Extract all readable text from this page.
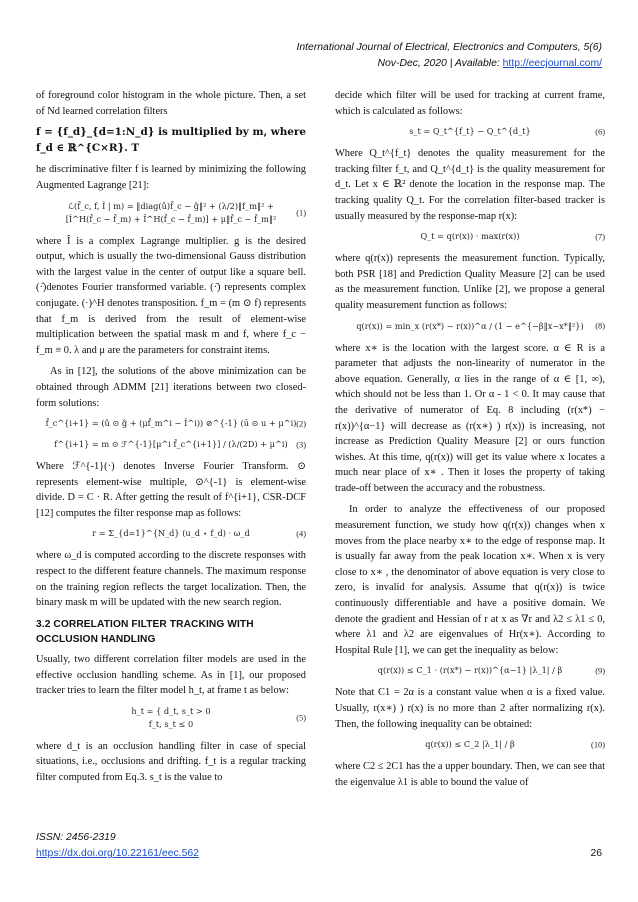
International Journal of Electrical, Electronics and Computers, 5(6)
Nov-Dec, 2020 | Available: http://eecjournal.com/

of foreground color histogram in the whole picture. Then, a set of Nd learned correlation filters

f = {f_d}_{d=1:N_d} is multiplied by m, where f_d ∈ ℝ^{C×R}. T

he discriminative filter f is learned by minimizing the following Augmented Lagrange [21]:

ℒ(f̂_c, f, Î | m) = ‖diag(û)f̂_c − ĝ‖² + (λ/2)‖f_m‖² +
[Î^H(f̂_c − f̂_m) + Ī^H(f̂_c − f̂_m)] + μ‖f̂_c − f̂_m‖²
(1)

where Î is a complex Lagrange multiplier. g is the desired output, which is usually the two-dimensional Gauss distribution with the largest value in the center of output like a square bell. (·̂)denotes Fourier transformed variable. (·̄) represents complex conjugate. (·)^H denotes transposition. f_m = (m ⊙ f) represents that f_m is derived from the result of element-wise multiplication between the spatial mask m and f, where f_c − f_m ≡ 0. λ and μ are the parameters for constraint items.

As in [12], the solutions of the above minimization can be obtained through ADMM [21] iterations between two closed-form solutions:

f̂_c^{i+1} = (û ⊙ ĝ + (μf̂_m^i − Î^i)) ⊘^{-1} (ū ⊙ u + μ^i) (2)
f^{i+1} = m ⊙ ℱ^{-1}[μ^i f̂_c^{i+1}] / (λ/(2D) + μ^i) (3)

Where ℱ^{-1}(·) denotes Inverse Fourier Transform. ⊙ represents element-wise multiple, ⊙^{-1} is element-wise divide. D = C · R. After getting the result of f^{i+1}, CSR-DCF [12] computes the filter response map as follows:

r = Σ_{d=1}^{N_d} (u_d ⋆ f_d) · ω_d	(4)

where ω_d is computed according to the discrete responses with respect to the different feature channels. The maximum response on the training region reflects the target localization. Then, the binary mask m will be updated with the new search region.

3.2 CORRELATION FILTER TRACKING WITH OCCLUSION HANDLING

Usually, two different correlation filter models are used in the effective occlusion handling scheme. As in [1], our proposed tracker tries to learn the filter model h_t, at frame t as below:

h_t = { d_t, s_t > 0
f_t, s_t ≤ 0
(5)

where d_t is an occlusion handling filter in case of special situations, i.e., occlusions and drifting. f_t is a regular tracking filter computed from Eq.3. s_t is the value to

decide which filter will be used for tracking at current frame, which is calculated as follows:

s_t = Q_t^{f_t} − Q_t^{d_t}	(6)

Where Q_t^{f_t} denotes the quality measurement for the tracking filter f_t, and Q_t^{d_t} is the quality measurement for d_t. Let x ∈ ℝ² denote the location in the response map. The tracking quality Q_t. For the correlation filter-based tracker is usually measured by the response-map r(x):

Q_t = q(r(x)) · max(r(x))	(7)

where q(r(x)) represents the measurement function. Typically, both PSR [18] and Prediction Quality Measure [2] can be used as the measurement function. Unlike [2], we propose a general quality measurement function as follows:

q(r(x)) = min_x (r(x*) − r(x))^α / (1 − e^{−β‖x−x*‖²}) (8)

where x∗ is the location with the largest score. α ∈ R is a parameter that adjusts the non-linearity of numerator in the above equation. Generally, α lies in the range of α ∈ [1, ∞), which should not be less than 1. Or α - 1 < 0. It may cause that the derivative of numerator of Eq. 8 including (r(x*) − r(x))^{α−1} will decrease as (r(x∗) ) r(x)) is increasing, not increase as Prediction Quality Measure [2] or ours function wishes. At this time, q(r(x)) will get its value where x locates a much near place of x∗ . Then it loses the property of taking trade-off between the accuracy and the robustness.

In order to analyze the effectiveness of our proposed measurement function, we study how q(r(x)) changes when x moves from the place nearby x∗ to the edge of response map. It is usually far away from the peak location x∗. When x is very close to x∗ , the denominator of above equation is very close to zero, is invalid for analysis. Assume that q(r(x)) is twice continuously differentiable and have a positive domain. We denote the gradient and Hessian of r at x as ∇r and λ2 ≤ λ1 ≤ 0, where λ1 and λ2 are eigenvalues of Hr(x∗). According to Hospital Rule [1], we can get the inequality as below:

q(r(x)) ≤ C_1 · (r(x*) − r(x))^{α−1} |λ_1| / β	(9)

Note that C1 = 2α is a constant value when α is a fixed value. Usually, r(x∗) ) r(x) is no more than 2 after normalizing r(x). Then, the following inequality can be obtained:

q(r(x)) ≤ C_2 |λ_1| / β	(10)

where C2 ≤ 2C1 has the a upper boundary. Then, we can see that the eigenvalue λ1 is able to bound the value of

ISSN: 2456-2319
https://dx.doi.org/10.22161/eec.562	26
